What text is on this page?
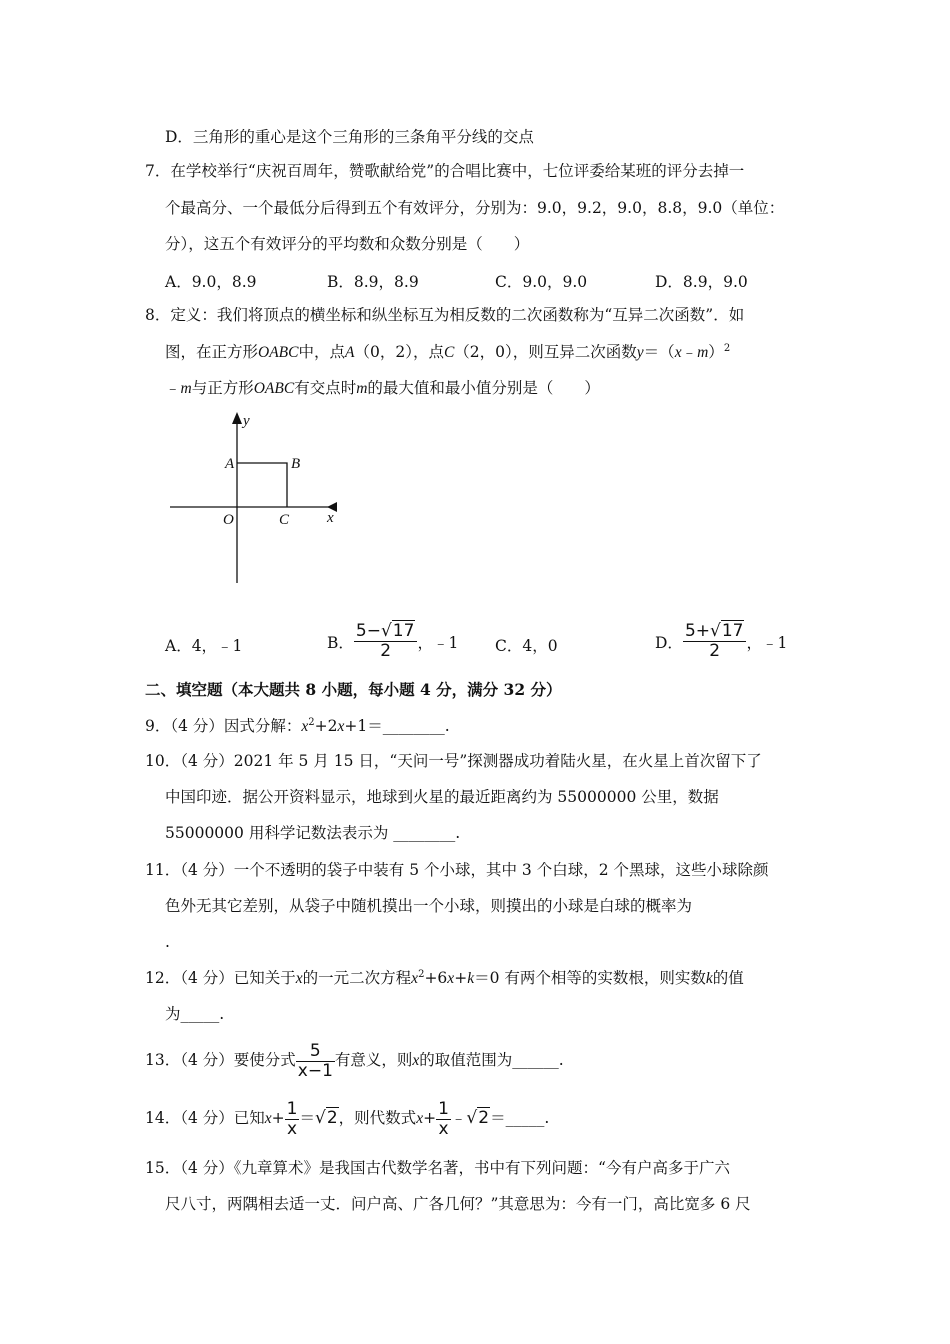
D．三角形的重心是这个三角形的三条角平分线的交点
7．在学校举行“庆祝百周年，赞歌献给党”的合唱比赛中，七位评委给某班的评分去掉一
个最高分、一个最低分后得到五个有效评分，分别为：9.0，9.2，9.0，8.8，9.0（单位：
分），这五个有效评分的平均数和众数分别是（　　）
A．9.0，8.9	B．8.9，8.9	C．9.0，9.0	D．8.9，9.0
8．定义：我们将顶点的横坐标和纵坐标互为相反数的二次函数称为“互异二次函数”．如
图，在正方形OABC中，点A（0，2），点C（2，0），则互异二次函数y＝（x﹣m）$^2$
﹣m与正方形OABC有交点时m的最大值和最小值分别是（　　）
y
x
A	B
O	C
A．4，﹣1	B． $\frac{5-√17}{2}$ ，﹣1 C．4，0	D． $\frac{5+√17}{2}$ ，﹣1
二、填空题（本大题共 8 小题，每小题 4 分，满分 32 分）
9．（4 分）因式分解：$x^2+2x+1=\_\_\_\_\_\_\_\_$.
10．（4 分）2021 年 5 月 15 日，“天问一号”探测器成功着陆火星，在火星上首次留下了
中国印迹．据公开资料显示，地球到火星的最近距离约为 55000000 公里，数据
55000000 用科学记数法表示为 ________.
11．（4 分）一个不透明的袋子中装有 5 个小球，其中 3 个白球，2 个黑球，这些小球除颜
色外无其它差别，从袋子中随机摸出一个小球，则摸出的小球是白球的概率为
.
12．（4 分）已知关于x的一元二次方程$x^2+6x+k=0$ 有两个相等的实数根，则实数k的值
为_____.
13．（4 分）要使分式 $\frac{5}{x-1}$ 有意义，则x的取值范围为______.
14．（4 分）已知$x+ \frac{1}{x} =√2$，则代数式$x+ \frac{1}{x}$ ﹣√2＝_____.
15．（4 分）《九章算术》是我国古代数学名著，书中有下列问题：“今有户高多于广六
尺八寸，两隅相去适一丈．问户高、广各几何？”其意思为：今有一门，高比宽多 6 尺
